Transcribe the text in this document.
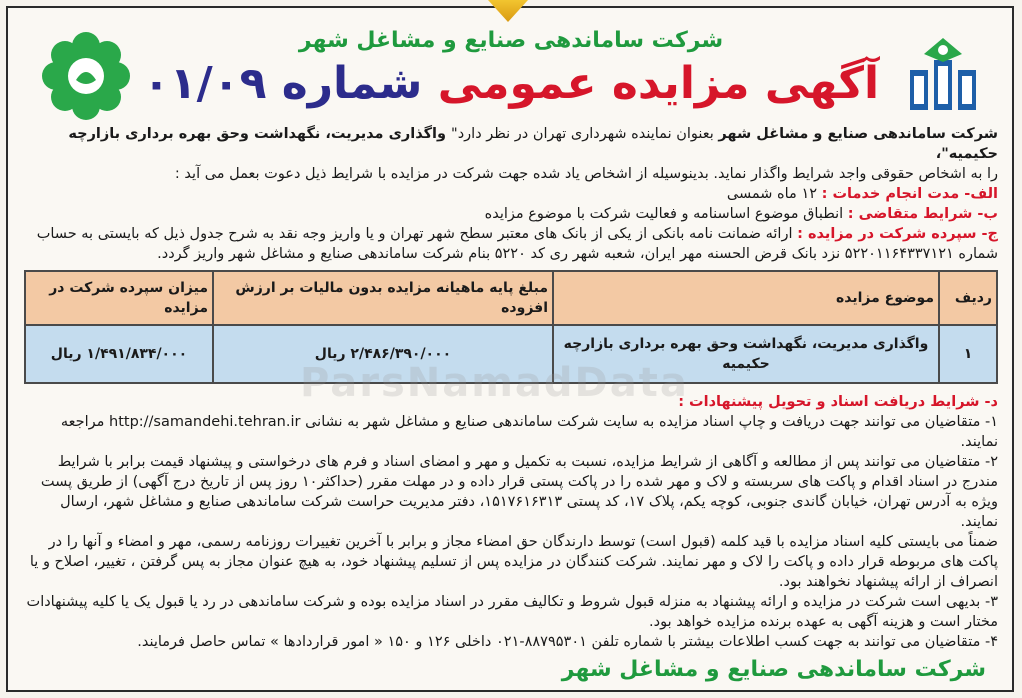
شرکت ساماندهی صنایع و مشاغل شهر
آگهی مزایده عمومی شماره ۰۱/۰۹

شرکت ساماندهی صنایع و مشاغل شهر بعنوان نماینده شهرداری تهران در نظر دارد" واگذاری مدیریت، نگهداشت وحق بهره برداری بازارچه حکیمیه"،

را به اشخاص حقوقی واجد شرایط واگذار نماید. بدینوسیله از اشخاص یاد شده جهت شرکت در مزایده با شرایط ذیل دعوت بعمل می آید :

الف- مدت انجام خدمات : ۱۲ ماه شمسی

ب- شرایط متقاضی : انطباق موضوع اساسنامه و فعالیت شرکت با موضوع مزایده

ج- سپرده شرکت در مزایده : ارائه ضمانت نامه بانکی از یکی از بانک های معتبر سطح شهر تهران و یا واریز وجه نقد به شرح جدول ذیل که بایستی به حساب

شماره ۵۲۲۰۱۱۶۴۳۳۷۱۲۱ نزد بانک قرض الحسنه مهر ایران، شعبه شهر ری کد ۵۲۲۰ بنام شرکت ساماندهی صنایع و مشاغل شهر واریز گردد.

ردیف	موضوع مزایده	مبلغ پایه ماهیانه مزایده بدون مالیات بر ارزش افزوده	میزان سپرده شرکت در مزایده
۱	واگذاری مدیریت، نگهداشت وحق بهره برداری بازارچه حکیمیه	۲/۴۸۶/۳۹۰/۰۰۰ ریال	۱/۴۹۱/۸۳۴/۰۰۰ ریال

د- شرایط دریافت اسناد و تحویل پیشنهادات :

۱- متقاضیان می توانند جهت دریافت و چاپ اسناد مزایده به سایت شرکت ساماندهی صنایع و مشاغل شهر به نشانی http://samandehi.tehran.ir مراجعه نمایند.

۲- متقاضیان می توانند پس از مطالعه و آگاهی از شرایط مزایده، نسبت به تکمیل و مهر و امضای اسناد و فرم های درخواستی و پیشنهاد قیمت برابر با شرایط مندرج در اسناد اقدام و پاکت های سربسته و لاک و مهر شده را در پاکت پستی قرار داده و در مهلت مقرر (حداکثر۱۰ روز پس از تاریخ درج آگهی) از طریق پست ویژه به آدرس تهران، خیابان گاندی جنوبی، کوچه یکم، پلاک ۱۷، کد پستی ۱۵۱۷۶۱۶۳۱۳، دفتر مدیریت حراست شرکت ساماندهی صنایع و مشاغل شهر، ارسال نمایند.

ضمناً می بایستی کلیه اسناد مزایده با قید کلمه (قبول است) توسط دارندگان حق امضاء مجاز و برابر با آخرین تغییرات روزنامه رسمی، مهر و امضاء و آنها را در پاکت های مربوطه قرار داده و پاکت را لاک و مهر نمایند. شرکت کنندگان در مزایده پس از تسلیم پیشنهاد خود، به هیچ عنوان مجاز به پس گرفتن ، تغییر، اصلاح و یا انصراف از ارائه پیشنهاد نخواهند بود.

۳- بدیهی است شرکت در مزایده و ارائه پیشنهاد به منزله قبول شروط و تکالیف مقرر در اسناد مزایده بوده و شرکت ساماندهی در رد یا قبول یک یا کلیه پیشنهادات مختار است و هزینه آگهی به عهده برنده مزایده خواهد بود.

۴- متقاضیان می توانند به جهت کسب اطلاعات بیشتر با شماره تلفن ۸۸۷۹۵۳۰۱-۰۲۱ داخلی ۱۲۶ و ۱۵۰ « امور قراردادها » تماس حاصل فرمایند.

ParsNamadData
شرکت ساماندهی صنایع و مشاغل شهر
